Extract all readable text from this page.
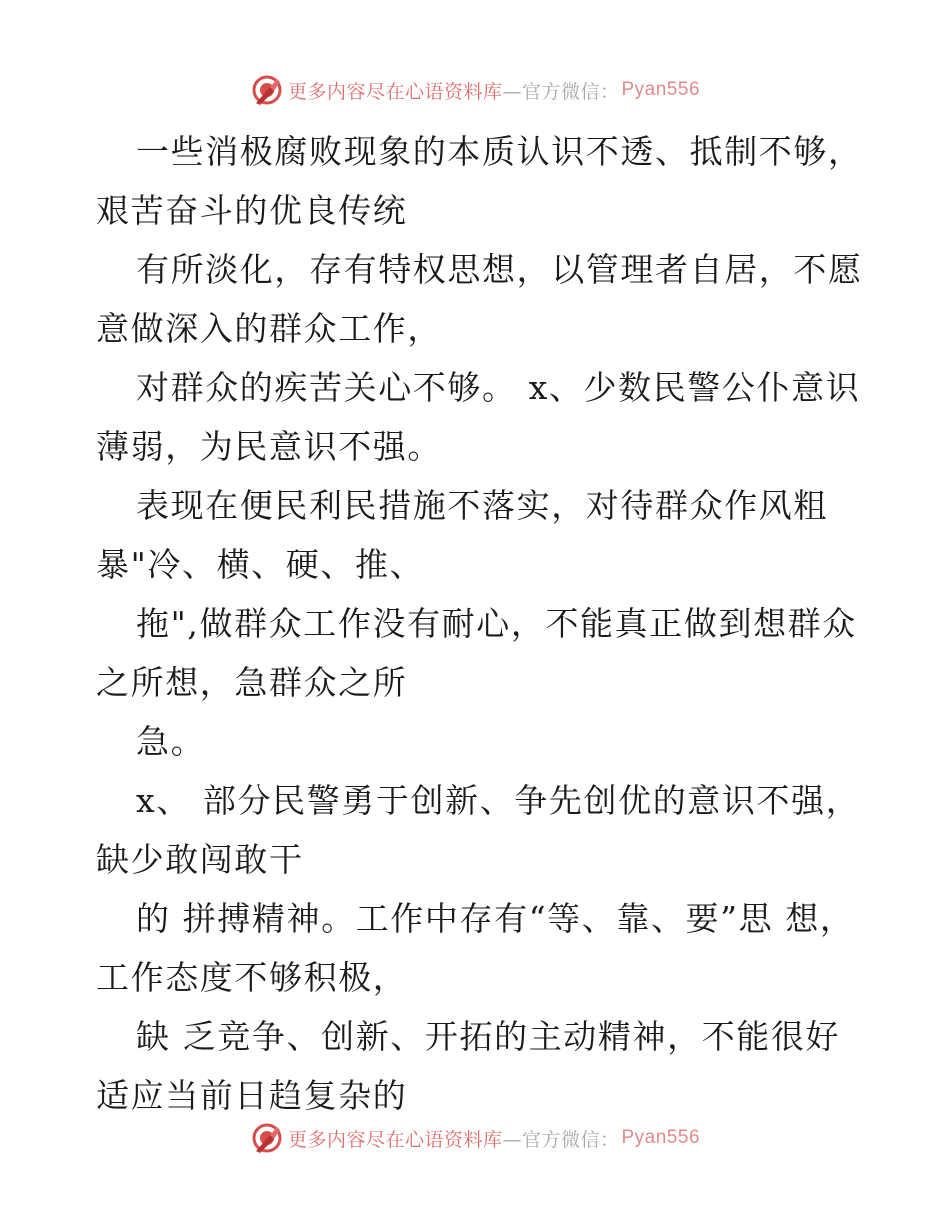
更多内容尽在心语资料库 —官方微信： Pyan556

一些消极腐败现象的本质认识不透、抵制不够，艰苦奋斗的优良传统

有所淡化，存有特权思想，以管理者自居，不愿意做深入的群众工作，

对群众的疾苦关心不够。 x、少数民警公仆意识薄弱，为民意识不强。

表现在便民利民措施不落实，对待群众作风粗暴"冷、横、硬、推、

拖",做群众工作没有耐心，不能真正做到想群众之所想，急群众之所

急。

x、 部分民警勇于创新、争先创优的意识不强，缺少敢闯敢干

的 拼搏精神。工作中存有“等、靠、要”思 想，工作态度不够积极，

缺 乏竞争、创新、开拓的主动精神，不能很好适应当前日趋复杂的

更多内容尽在心语资料库 —官方微信： Pyan556
